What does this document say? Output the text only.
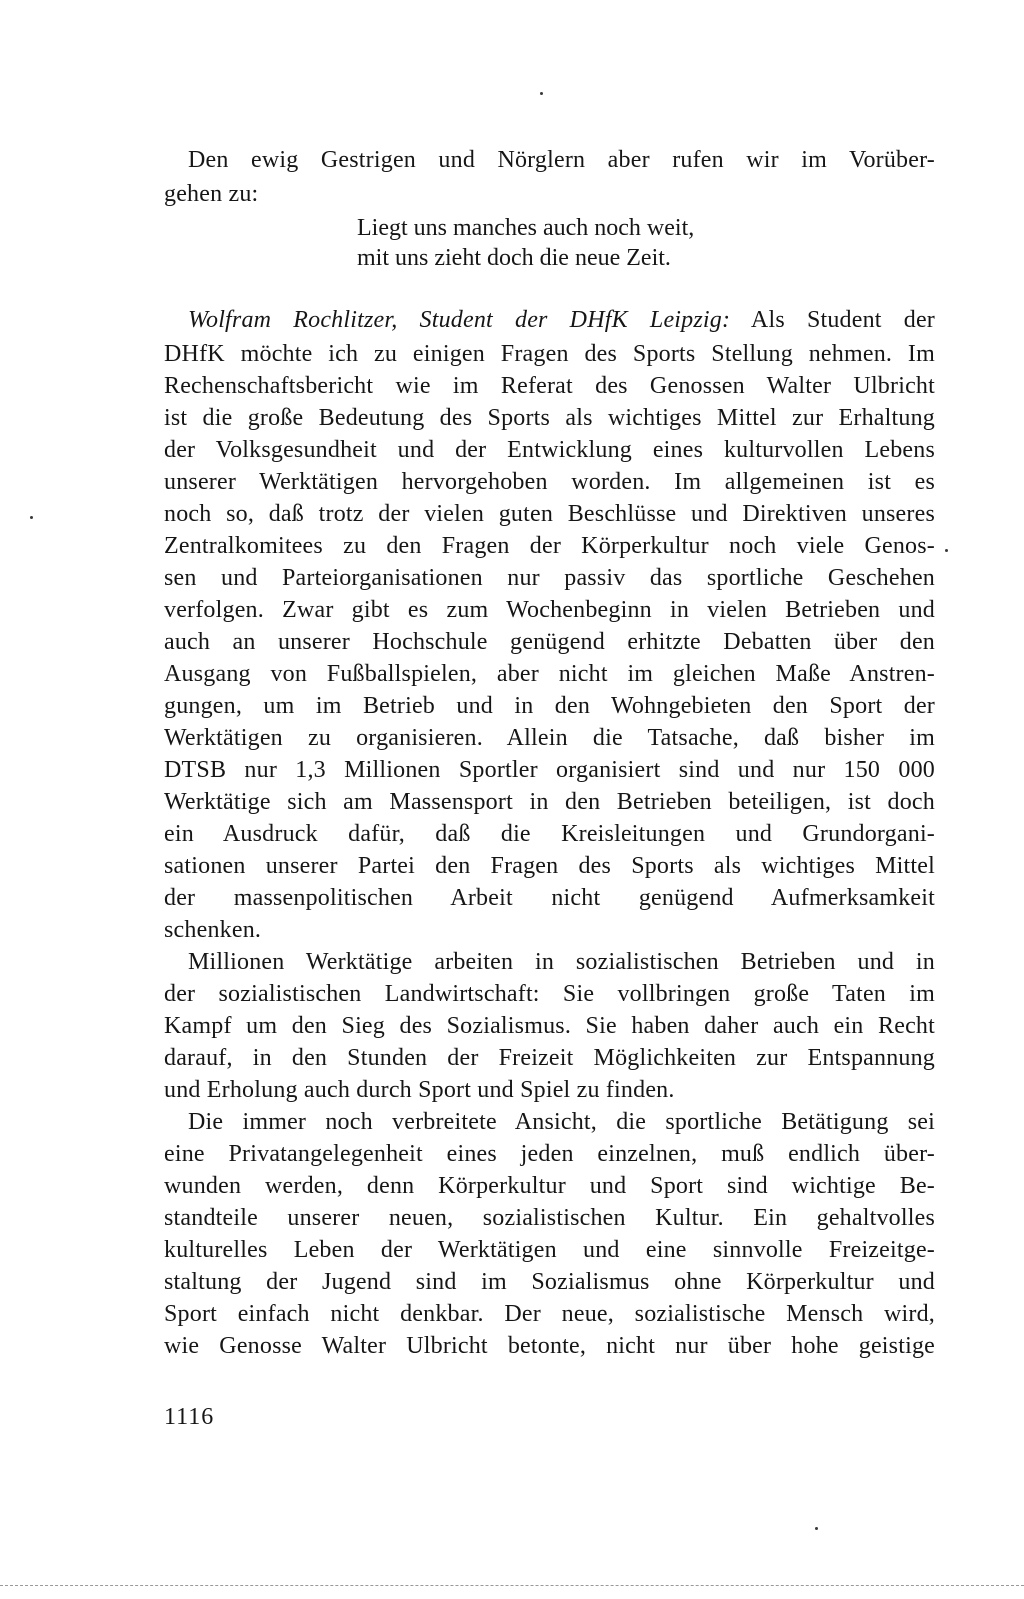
Den ewig Gestrigen und Nörglern aber rufen wir im Vorüber-
gehen zu:
Liegt uns manches auch noch weit,
mit uns zieht doch die neue Zeit.
Wolfram Rochlitzer, Student der DHfK Leipzig: Als Student der
DHfK möchte ich zu einigen Fragen des Sports Stellung nehmen. Im
Rechenschaftsbericht wie im Referat des Genossen Walter Ulbricht
ist die große Bedeutung des Sports als wichtiges Mittel zur Erhaltung
der Volksgesundheit und der Entwicklung eines kulturvollen Lebens
unserer Werktätigen hervorgehoben worden. Im allgemeinen ist es
noch so, daß trotz der vielen guten Beschlüsse und Direktiven unseres
Zentralkomitees zu den Fragen der Körperkultur noch viele Genos-
sen und Parteiorganisationen nur passiv das sportliche Geschehen
verfolgen. Zwar gibt es zum Wochenbeginn in vielen Betrieben und
auch an unserer Hochschule genügend erhitzte Debatten über den
Ausgang von Fußballspielen, aber nicht im gleichen Maße Anstren-
gungen, um im Betrieb und in den Wohngebieten den Sport der
Werktätigen zu organisieren. Allein die Tatsache, daß bisher im
DTSB nur 1,3 Millionen Sportler organisiert sind und nur 150 000
Werktätige sich am Massensport in den Betrieben beteiligen, ist doch
ein Ausdruck dafür, daß die Kreisleitungen und Grundorgani-
sationen unserer Partei den Fragen des Sports als wichtiges Mittel
der massenpolitischen Arbeit nicht genügend Aufmerksamkeit
schenken.
Millionen Werktätige arbeiten in sozialistischen Betrieben und in
der sozialistischen Landwirtschaft: Sie vollbringen große Taten im
Kampf um den Sieg des Sozialismus. Sie haben daher auch ein Recht
darauf, in den Stunden der Freizeit Möglichkeiten zur Entspannung
und Erholung auch durch Sport und Spiel zu finden.
Die immer noch verbreitete Ansicht, die sportliche Betätigung sei
eine Privatangelegenheit eines jeden einzelnen, muß endlich über-
wunden werden, denn Körperkultur und Sport sind wichtige Be-
standteile unserer neuen, sozialistischen Kultur. Ein gehaltvolles
kulturelles Leben der Werktätigen und eine sinnvolle Freizeitge-
staltung der Jugend sind im Sozialismus ohne Körperkultur und
Sport einfach nicht denkbar. Der neue, sozialistische Mensch wird,
wie Genosse Walter Ulbricht betonte, nicht nur über hohe geistige
1116
